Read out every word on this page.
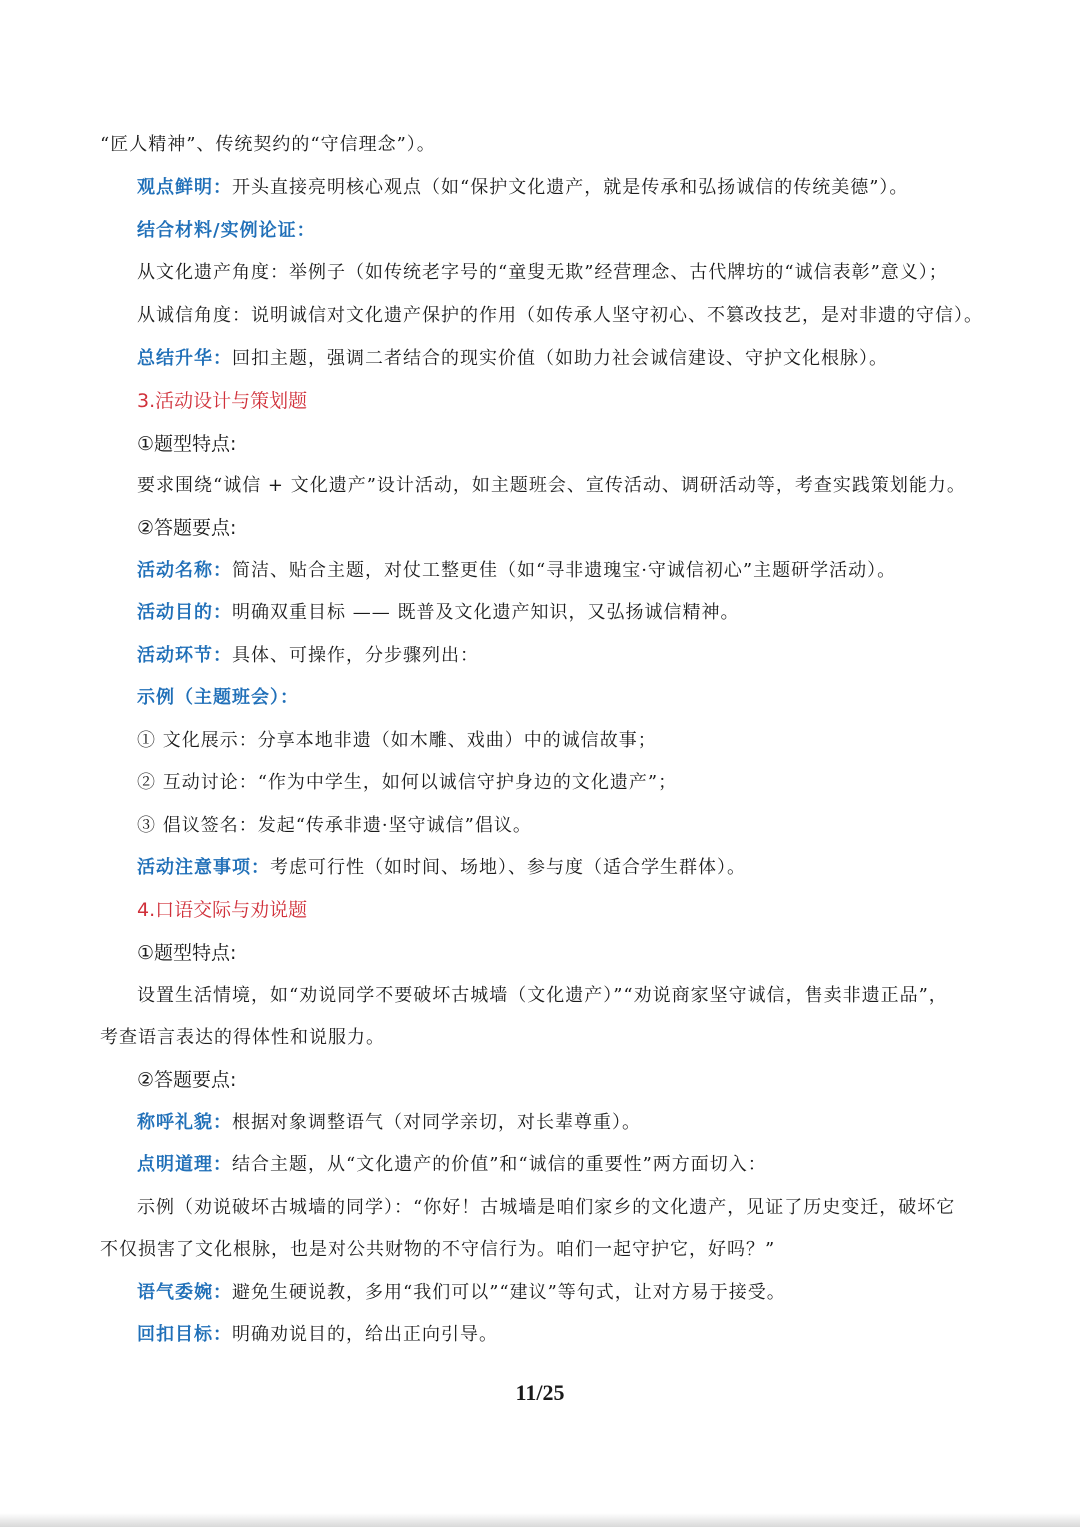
“匠人精神”、传统契约的“守信理念”）。
观点鲜明：开头直接亮明核心观点（如“保护文化遗产，就是传承和弘扬诚信的传统美德”）。
结合材料/实例论证：
从文化遗产角度：举例子（如传统老字号的“童叟无欺”经营理念、古代牌坊的“诚信表彰”意义）；
从诚信角度：说明诚信对文化遗产保护的作用（如传承人坚守初心、不篡改技艺，是对非遗的守信）。
总结升华：回扣主题，强调二者结合的现实价值（如助力社会诚信建设、守护文化根脉）。
3.活动设计与策划题
①题型特点:
要求围绕“诚信 + 文化遗产”设计活动，如主题班会、宣传活动、调研活动等，考查实践策划能力。
②答题要点:
活动名称：简洁、贴合主题，对仗工整更佳（如“寻非遗瑰宝·守诚信初心”主题研学活动）。
活动目的：明确双重目标 —— 既普及文化遗产知识，又弘扬诚信精神。
活动环节：具体、可操作，分步骤列出：
示例（主题班会）：
① 文化展示：分享本地非遗（如木雕、戏曲）中的诚信故事；
② 互动讨论：“作为中学生，如何以诚信守护身边的文化遗产”；
③ 倡议签名：发起“传承非遗·坚守诚信”倡议。
活动注意事项：考虑可行性（如时间、场地）、参与度（适合学生群体）。
4.口语交际与劝说题
①题型特点:
设置生活情境，如“劝说同学不要破坏古城墙（文化遗产）”“劝说商家坚守诚信，售卖非遗正品”，
考查语言表达的得体性和说服力。
②答题要点:
称呼礼貌：根据对象调整语气（对同学亲切，对长辈尊重）。
点明道理：结合主题，从“文化遗产的价值”和“诚信的重要性”两方面切入：
示例（劝说破坏古城墙的同学）：“你好！古城墙是咱们家乡的文化遗产，见证了历史变迁，破坏它
不仅损害了文化根脉，也是对公共财物的不守信行为。咱们一起守护它，好吗？”
语气委婉：避免生硬说教，多用“我们可以”“建议”等句式，让对方易于接受。
回扣目标：明确劝说目的，给出正向引导。
11/25
